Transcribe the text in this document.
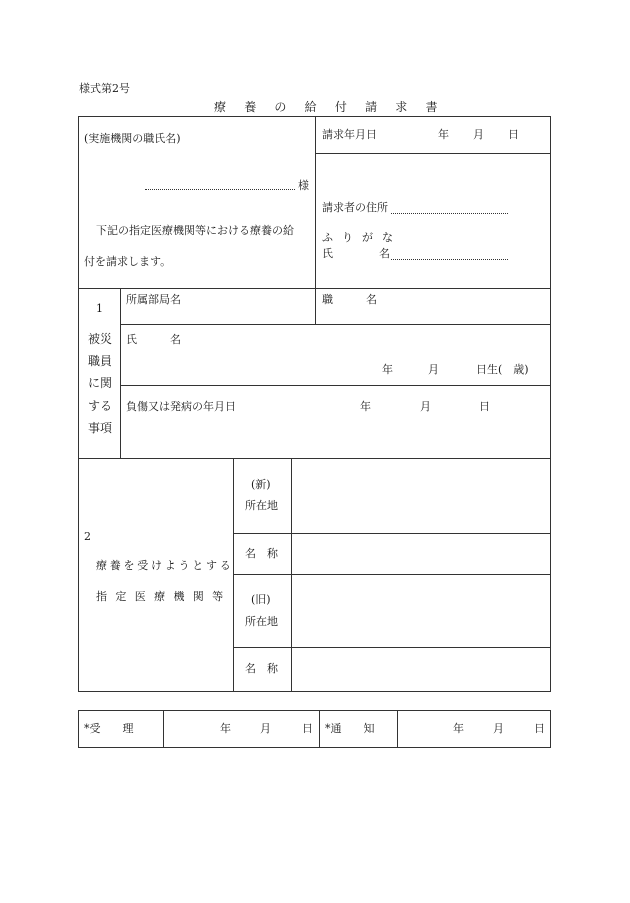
様式第2号
療 養 の 給 付 請 求 書
(実施機関の職氏名)
様
下記の指定医療機関等における療養の給
付を請求します。
請求年月日	年 月 日
請求者の住所
ふ り が な
氏	名
1
被災
職員
に関
する
事項
所属部局名	職　　　名
氏　　　名
年	月	日生(　歳)
負傷又は発病の年月日	年	月	日
2
療養を受けようとする
指定医療機関等
(新)
所在地
名　称
(旧)
所在地
名　称
*受　　理	年	月	日 *通　　知	年	月	日
